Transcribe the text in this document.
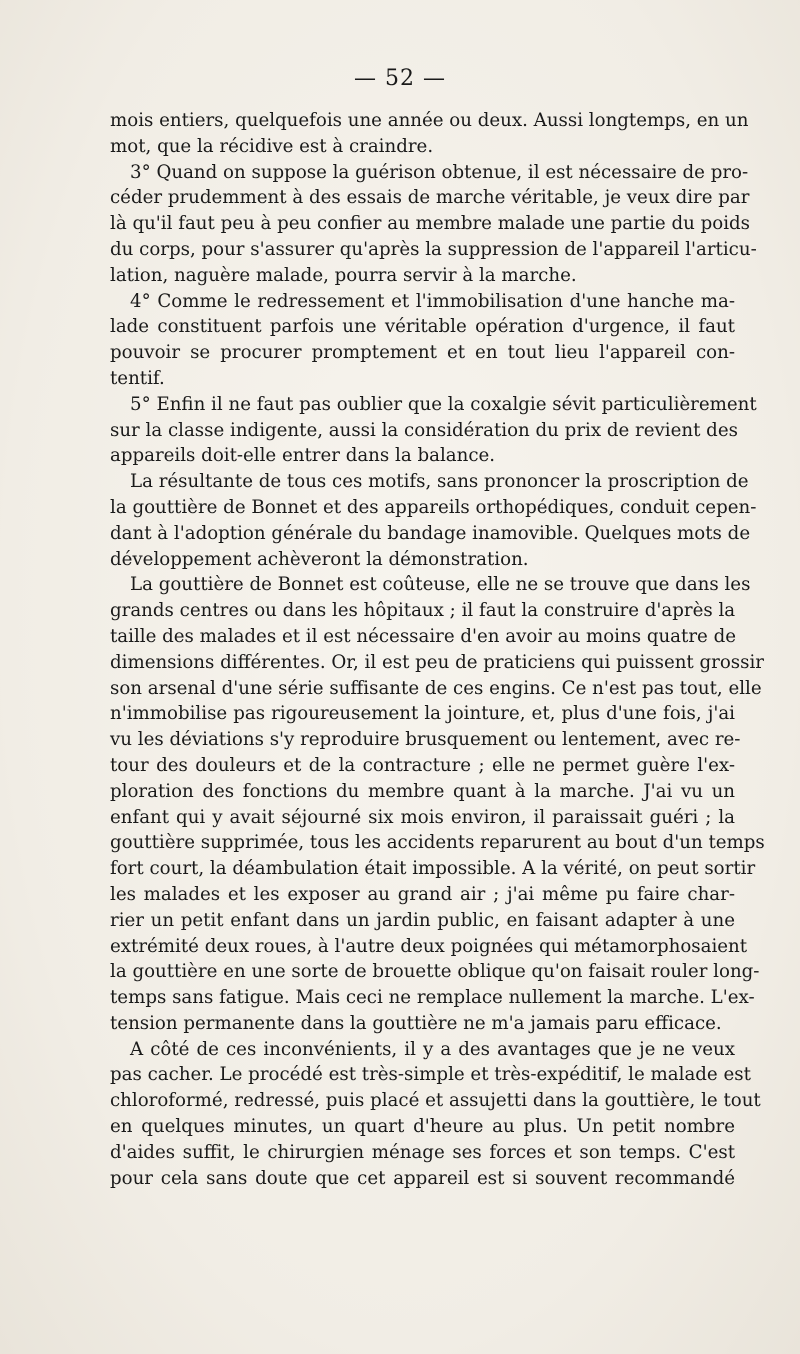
— 52 —
mois entiers, quelquefois une année ou deux. Aussi longtemps, en un
mot, que la récidive est à craindre.
3° Quand on suppose la guérison obtenue, il est nécessaire de pro-
céder prudemment à des essais de marche véritable, je veux dire par
là qu'il faut peu à peu confier au membre malade une partie du poids
du corps, pour s'assurer qu'après la suppression de l'appareil l'articu-
lation, naguère malade, pourra servir à la marche.
4° Comme le redressement et l'immobilisation d'une hanche ma-
lade constituent parfois une véritable opération d'urgence, il faut
pouvoir se procurer promptement et en tout lieu l'appareil con-
tentif.
5° Enfin il ne faut pas oublier que la coxalgie sévit particulièrement
sur la classe indigente, aussi la considération du prix de revient des
appareils doit-elle entrer dans la balance.
La résultante de tous ces motifs, sans prononcer la proscription de
la gouttière de Bonnet et des appareils orthopédiques, conduit cepen-
dant à l'adoption générale du bandage inamovible. Quelques mots de
développement achèveront la démonstration.
La gouttière de Bonnet est coûteuse, elle ne se trouve que dans les
grands centres ou dans les hôpitaux ; il faut la construire d'après la
taille des malades et il est nécessaire d'en avoir au moins quatre de
dimensions différentes. Or, il est peu de praticiens qui puissent grossir
son arsenal d'une série suffisante de ces engins. Ce n'est pas tout, elle
n'immobilise pas rigoureusement la jointure, et, plus d'une fois, j'ai
vu les déviations s'y reproduire brusquement ou lentement, avec re-
tour des douleurs et de la contracture ; elle ne permet guère l'ex-
ploration des fonctions du membre quant à la marche. J'ai vu un
enfant qui y avait séjourné six mois environ, il paraissait guéri ; la
gouttière supprimée, tous les accidents reparurent au bout d'un temps
fort court, la déambulation était impossible. A la vérité, on peut sortir
les malades et les exposer au grand air ; j'ai même pu faire char-
rier un petit enfant dans un jardin public, en faisant adapter à une
extrémité deux roues, à l'autre deux poignées qui métamorphosaient
la gouttière en une sorte de brouette oblique qu'on faisait rouler long-
temps sans fatigue. Mais ceci ne remplace nullement la marche. L'ex-
tension permanente dans la gouttière ne m'a jamais paru efficace.
A côté de ces inconvénients, il y a des avantages que je ne veux
pas cacher. Le procédé est très-simple et très-expéditif, le malade est
chloroformé, redressé, puis placé et assujetti dans la gouttière, le tout
en quelques minutes, un quart d'heure au plus. Un petit nombre
d'aides suffit, le chirurgien ménage ses forces et son temps. C'est
pour cela sans doute que cet appareil est si souvent recommandé
